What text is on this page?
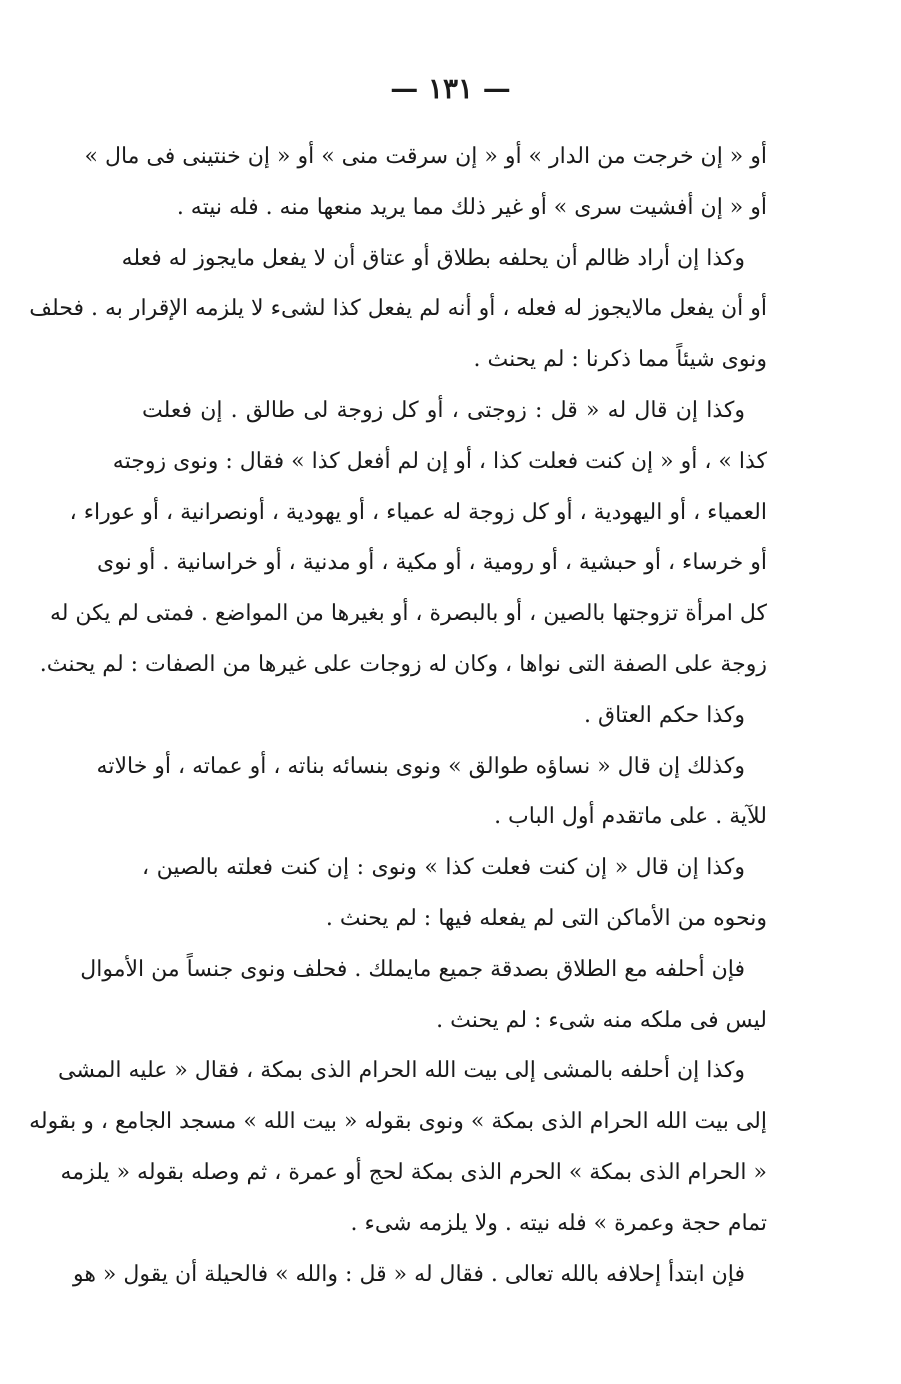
— ١٣١ —
أو « إن خرجت من الدار » أو « إن سرقت منى » أو « إن خنتينى فى مال »
أو « إن أفشيت سرى » أو غير ذلك مما يريد منعها منه . فله نيته .
وكذا إن أراد ظالم أن يحلفه بطلاق أو عتاق أن لا يفعل مايجوز له فعله
أو أن يفعل مالايجوز له فعله ، أو أنه لم يفعل كذا لشىء لا يلزمه الإقرار به . فحلف
ونوى شيئاً مما ذكرنا : لم يحنث .
وكذا إن قال له « قل : زوجتى ، أو كل زوجة لى طالق . إن فعلت
كذا » ، أو « إن كنت فعلت كذا ، أو إن لم أفعل كذا » فقال : ونوى زوجته
العمياء ، أو اليهودية ، أو كل زوجة له عمياء ، أو يهودية ، أونصرانية ، أو عوراء ،
أو خرساء ، أو حبشية ، أو رومية ، أو مكية ، أو مدنية ، أو خراسانية . أو نوى
كل امرأة تزوجتها بالصين ، أو بالبصرة ، أو بغيرها من المواضع . فمتى لم يكن له
زوجة على الصفة التى نواها ، وكان له زوجات على غيرها من الصفات : لم يحنث.
وكذا حكم العتاق .
وكذلك إن قال « نساؤه طوالق » ونوى بنسائه بناته ، أو عماته ، أو خالاته
للآية . على ماتقدم أول الباب .
وكذا إن قال « إن كنت فعلت كذا » ونوى : إن كنت فعلته بالصين ،
ونحوه من الأماكن التى لم يفعله فيها : لم يحنث .
فإن أحلفه مع الطلاق بصدقة جميع مايملك . فحلف ونوى جنساً من الأموال
ليس فى ملكه منه شىء : لم يحنث .
وكذا إن أحلفه بالمشى إلى بيت الله الحرام الذى بمكة ، فقال « عليه المشى
إلى بيت الله الحرام الذى بمكة » ونوى بقوله « بيت الله » مسجد الجامع ، و بقوله
« الحرام الذى بمكة » الحرم الذى بمكة لحج أو عمرة ، ثم وصله بقوله « يلزمه
تمام حجة وعمرة » فله نيته . ولا يلزمه شىء .
فإن ابتدأ إحلافه بالله تعالى . فقال له « قل : والله » فالحيلة أن يقول « هو
